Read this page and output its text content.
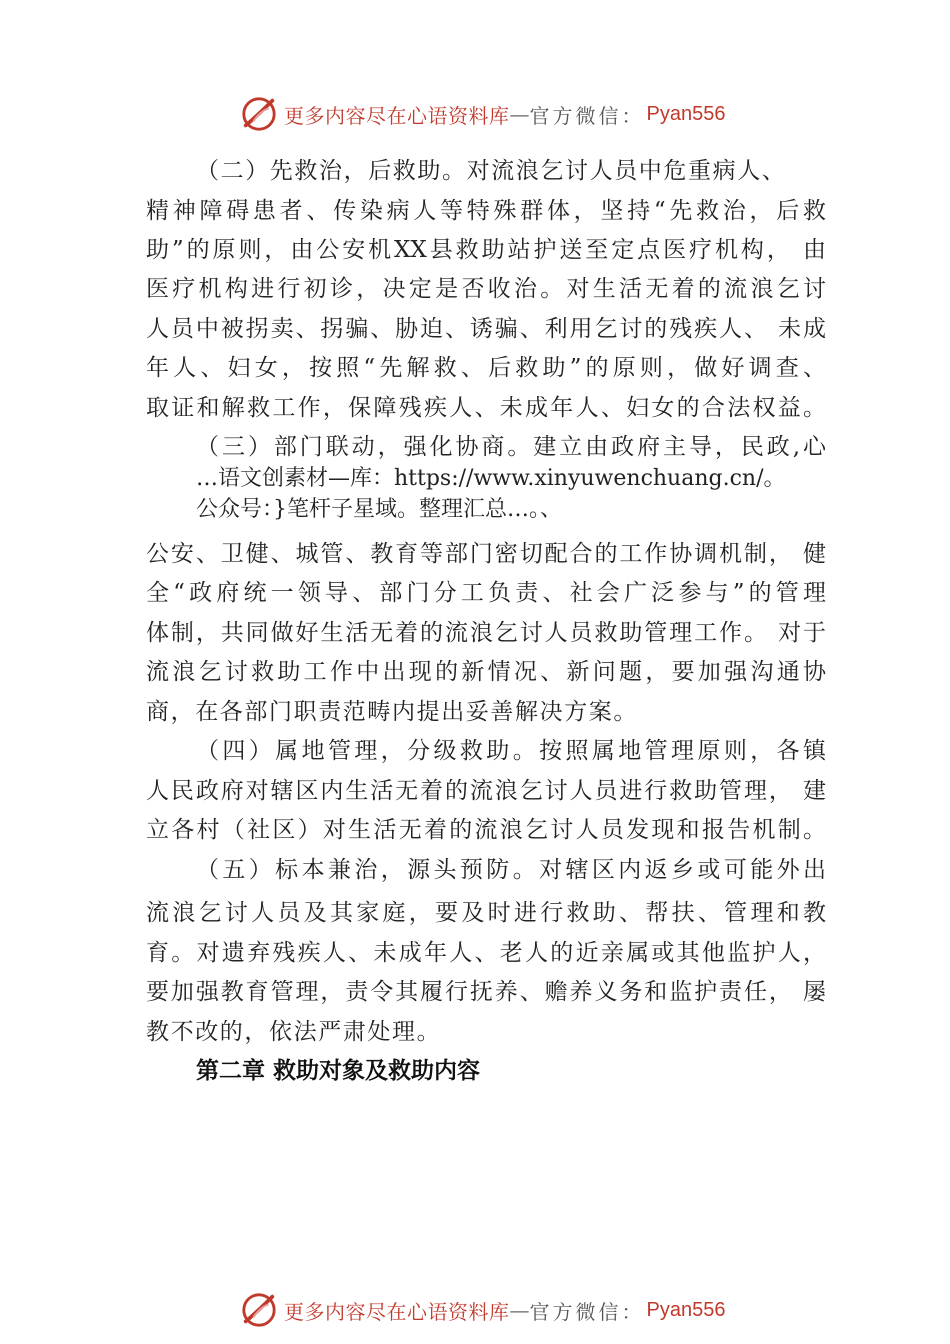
更多内容尽在心语资料库 — 官方微信： Pyan556
（二）先救治，后救助。对流浪乞讨人员中危重病人、
精神障碍患者、传染病人等特殊群体，坚持“先救治，后救
助”的原则，由公安机XX县救助站护送至定点医疗机构， 由
医疗机构进行初诊，决定是否收治。对生活无着的流浪乞讨
人员中被拐卖、拐骗、胁迫、诱骗、利用乞讨的残疾人、 未成
年人、妇女，按照“先解救、后救助”的原则，做好调查、
取证和解救工作，保障残疾人、未成年人、妇女的合法权益。
（三）部门联动，强化协商。建立由政府主导，民政,心
…语文创素材—库：https://www.xinyuwenchuang.cn/。
公众号：}笔杆子星域。整理汇总…。、
公安、卫健、城管、教育等部门密切配合的工作协调机制， 健
全“政府统一领导、部门分工负责、社会广泛参与”的管理
体制，共同做好生活无着的流浪乞讨人员救助管理工作。 对于
流浪乞讨救助工作中出现的新情况、新问题，要加强沟通协
商，在各部门职责范畴内提出妥善解决方案。
（四）属地管理，分级救助。按照属地管理原则，各镇
人民政府对辖区内生活无着的流浪乞讨人员进行救助管理， 建
立各村（社区）对生活无着的流浪乞讨人员发现和报告机制。
（五）标本兼治，源头预防。对辖区内返乡或可能外出
流浪乞讨人员及其家庭，要及时进行救助、帮扶、管理和教
育。对遗弃残疾人、未成年人、老人的近亲属或其他监护人，
要加强教育管理，责令其履行抚养、赡养义务和监护责任， 屡
教不改的，依法严肃处理。
第二章 救助对象及救助内容
更多内容尽在心语资料库 — 官方微信： Pyan556
